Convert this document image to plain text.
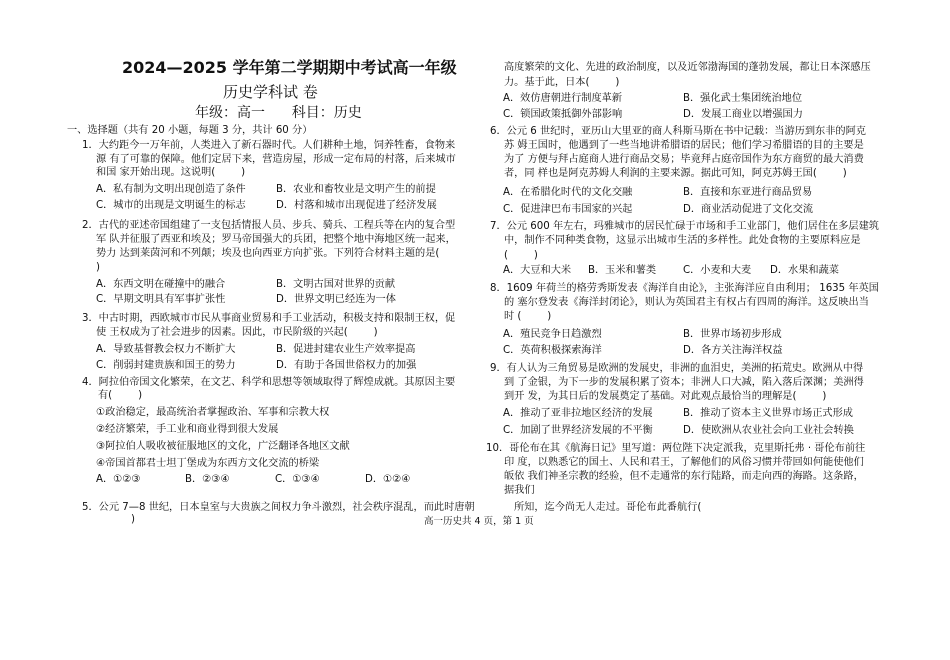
2024—2025 学年第二学期期中考试高一年级
历史学科试 卷
年级：高一      科目：历史
一、选择题（共有 20 小题，每题 3 分，共计 60 分）
1．大约距今一万年前，人类进入了新石器时代。人们耕种土地，饲养牲畜，食物来
源 有了可靠的保障。他们定居下来，营造房屋，形成一定布局的村落，后来城市
和国 家开始出现。这说明(        )
A．私有制为文明出现创造了条件	B．农业和畜牧业是文明产生的前提
C．城市的出现是文明诞生的标志	D．村落和城市出现促进了经济发展
2．古代的亚述帝国组建了一支包括情报人员、步兵、骑兵、工程兵等在内的复合型
军 队并征服了西亚和埃及；罗马帝国强大的兵团，把整个地中海地区统一起来，
势力 达到莱茵河和不列颠；埃及也向西亚方向扩张。下列符合材料主题的是(
)
A．东西文明在碰撞中的融合	B．文明古国对世界的贡献
C．早期文明具有军事扩张性	D．世界文明已经连为一体
3．中古时期，西欧城市市民从事商业贸易和手工业活动，积极支持和限制王权，促
使 王权成为了社会进步的因素。因此，市民阶级的兴起(        )
A．导致基督教会权力不断扩大	B．促进封建农业生产效率提高
C．削弱封建贵族和国王的势力	D．有助于各国世俗权力的加强
4．阿拉伯帝国文化繁荣，在文艺、科学和思想等领域取得了辉煌成就。其原因主要
有(        )
①政治稳定，最高统治者掌握政治、军事和宗教大权
②经济繁荣，手工业和商业得到很大发展
③阿拉伯人吸收被征服地区的文化，广泛翻译各地区文献
④帝国首都君士坦丁堡成为东西方文化交流的桥梁
A．①②③	B．②③④	C．①③④	D．①②④
5．公元 7—8 世纪，日本皇室与大贵族之间权力争斗激烈，社会秩序混乱，而此时唐朝
)
高度繁荣的文化、先进的政治制度，以及近邻渤海国的蓬勃发展，都让日本深感压
力。基于此，日本(        )
A．效仿唐朝进行制度革新	B．强化武士集团统治地位
C．锁国政策抵御外部影响	D．发展工商业以增强国力
6．公元 6 世纪时，亚历山大里亚的商人科斯马斯在书中记载：当游历到东非的阿克
苏 姆王国时，他遇到了一些当地讲希腊语的居民；他们学习希腊语的目的主要是
为了 方便与拜占庭商人进行商品交易；毕竟拜占庭帝国作为东方商贸的最大消费
者，同 样也是阿克苏姆人利润的主要来源。据此可知，阿克苏姆王国(        )
A．在希腊化时代的文化交融	B．直接和东亚进行商品贸易
C．促进津巴布韦国家的兴起	D．商业活动促进了文化交流
7．公元 600 年左右，玛雅城市的居民忙碌于市场和手工业部门，他们居住在多层建筑
中，制作不同种类食物，这显示出城市生活的多样性。此处食物的主要原料应是
(        )
A．大豆和大米 B．玉米和薯类	C．小麦和大麦 D．水果和蔬菜
8．1609 年荷兰的格劳秀斯发表《海洋自由论》，主张海洋应自由利用； 1635 年英国
的 塞尔登发表《海洋封闭论》，则认为英国君主有权占有四周的海洋。这反映出当
时 (        )
A．殖民竞争日趋激烈	B．世界市场初步形成
C．英荷积极探索海洋	D．各方关注海洋权益
9．有人认为三角贸易是欧洲的发展史，非洲的血泪史，美洲的拓荒史。欧洲从中得
到 了金银，为下一步的发展积累了资本；非洲人口大减，陷入落后深渊；美洲得
到开 发，为其日后的发展奠定了基础。对此观点最恰当的理解是(        )
A．推动了亚非拉地区经济的发展	B．推动了资本主义世界市场正式形成
C．加剧了世界经济发展的不平衡	D．使欧洲从农业社会向工业社会转换
10．哥伦布在其《航海日记》里写道：两位陛下决定派我，克里斯托弗 · 哥伦布前往
印 度，以熟悉它的国土、人民和君王，了解他们的风俗习惯并带回如何能使他们
皈依 我们神圣宗教的经验，但不走通常的东行陆路，而走向西的海路。这条路，
据我们
所知，迄今尚无人走过。哥伦布此番航行(
高一历史共 4 页，第 1 页
